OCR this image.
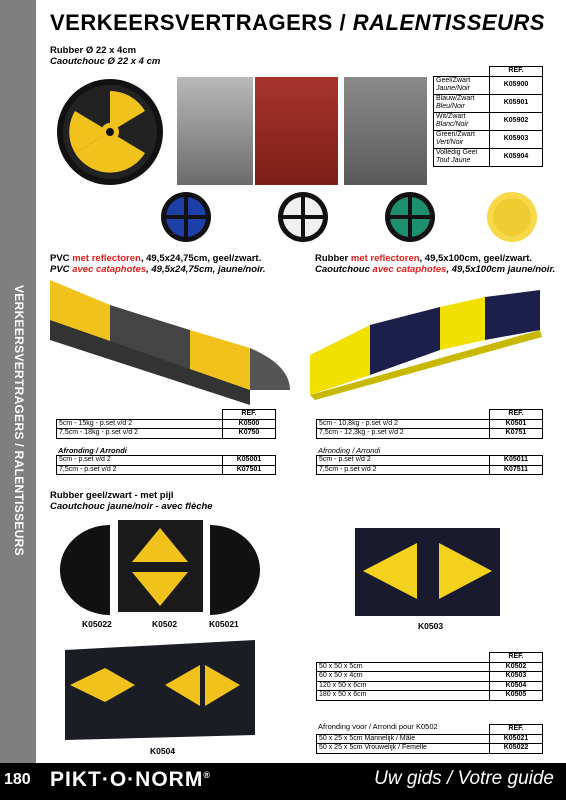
VERKEERSVERTRAGERS / RALENTISSEURS
VERKEERSVERTRAGERS / RALENTISSEURS
Rubber Ø 22 x 4cm
Caoutchouc Ø 22 x 4 cm
	REF.
Geel/Zwart
Jaune/Noir	K05900
Blauw/Zwart
Bleu/Noir	K05901
Wit/Zwart
Blanc/Noir	K05902
Green/Zwart
Vert/Noir	K05903
Volledig Geel
Tout Jaune	K05904
PVC met reflectoren, 49,5x24,75cm, geel/zwart.
PVC avec cataphotes, 49,5x24,75cm, jaune/noir.
	REF.
5cm - 15kg - p.set v/d 2	K0500
7,5cm - 18kg - p.set v/d 2	K0750
Afronding / Arrondi
5cm - p.set v/d 2	K05001
7,5cm - p.set v/d 2	K07501
Rubber met reflectoren, 49,5x100cm, geel/zwart.
Caoutchouc avec cataphotes, 49,5x100cm jaune/noir.
	REF.
5cm - 10,8kg - p.set v/d 2	K0501
7,5cm - 12,3kg - p.set v/d 2	K0751
Afronding / Arrondi
5cm - p.set v/d 2	K05011
7,5cm - p.set v/d 2	K07511
Rubber geel/zwart - met pijl
Caoutchouc jaune/noir - avec flèche
K05022	K0502	K05021	K0503
K0504
	REF.
50 x 50 x 5cm	K0502
60 x 50 x 4cm	K0503
120 x 50 x 6cm	K0504
180 x 50 x 6cm	K0505
Afronding voor / Arrondi pour K0502
		REF.
50 x 25 x 5cm Mannelijk / Mâle	K05021
50 x 25 x 5cm Vrouwelijk / Femelle	K05022
180 PIKT·O·NORM®	Uw gids / Votre guide
